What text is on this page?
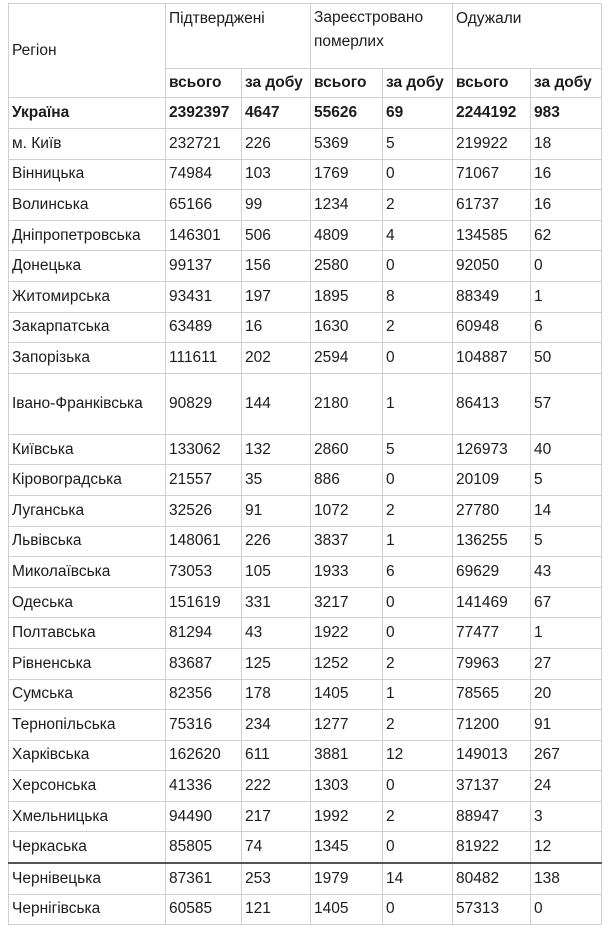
Регіон	Підтверджені		Зареєстровано померлих		Одужали	
	всього	за добу	всього	за добу	всього	за добу
Україна	2392397	4647	55626	69	2244192	983
м. Київ	232721	226	5369	5	219922	18
Вінницька	74984	103	1769	0	71067	16
Волинська	65166	99	1234	2	61737	16
Дніпропетровська	146301	506	4809	4	134585	62
Донецька	99137	156	2580	0	92050	0
Житомирська	93431	197	1895	8	88349	1
Закарпатська	63489	16	1630	2	60948	6
Запорізька	111611	202	2594	0	104887	50
Івано-Франківська	90829	144	2180	1	86413	57
Київська	133062	132	2860	5	126973	40
Кіровоградська	21557	35	886	0	20109	5
Луганська	32526	91	1072	2	27780	14
Львівська	148061	226	3837	1	136255	5
Миколаївська	73053	105	1933	6	69629	43
Одеська	151619	331	3217	0	141469	67
Полтавська	81294	43	1922	0	77477	1
Рівненська	83687	125	1252	2	79963	27
Сумська	82356	178	1405	1	78565	20
Тернопільська	75316	234	1277	2	71200	91
Харківська	162620	611	3881	12	149013	267
Херсонська	41336	222	1303	0	37137	24
Хмельницька	94490	217	1992	2	88947	3
Черкаська	85805	74	1345	0	81922	12
Чернівецька	87361	253	1979	14	80482	138
Чернігівська	60585	121	1405	0	57313	0
